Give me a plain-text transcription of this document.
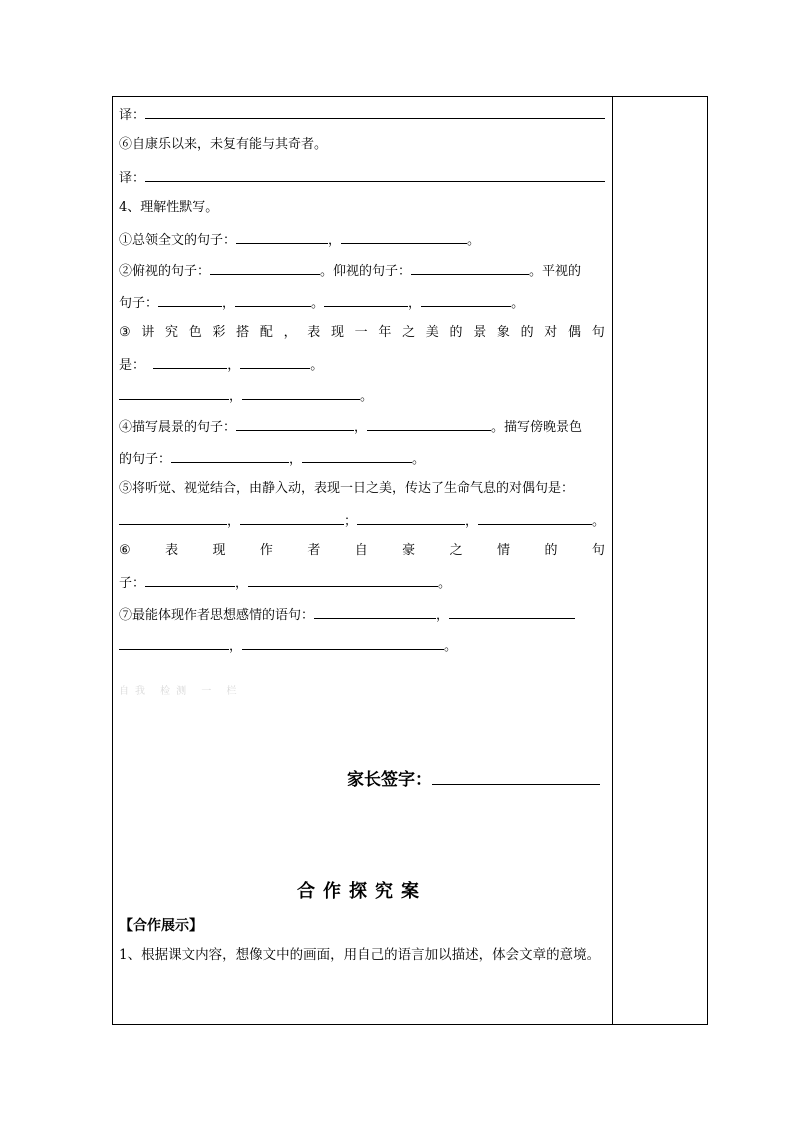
译：
⑥自康乐以来，未复有能与其奇者。
译：
4、理解性默写。
①总领全文的句子：	，	。
②俯视的句子：	。仰视的句子：	。平视的
句子：	，	。	，	。
③ 讲 究 色 彩 搭 配 ， 表 现 一 年 之 美 的 景 象 的 对 偶 句
是：	，	。
，	。
④描写晨景的句子：	，	。描写傍晚景色
的句子：	，	。
⑤将听觉、视觉结合，由静入动，表现一日之美，传达了生命气息的对偶句是：
，	；	，	。
⑥	表	现	作	者	自	豪	之	情	的	句
子：	，	。
⑦最能体现作者思想感情的语句：	，
，	。
自我 检测 一 栏
家长签字：
合作探究案
【合作展示】
1、根据课文内容，想像文中的画面，用自己的语言加以描述，体会文章的意境。
